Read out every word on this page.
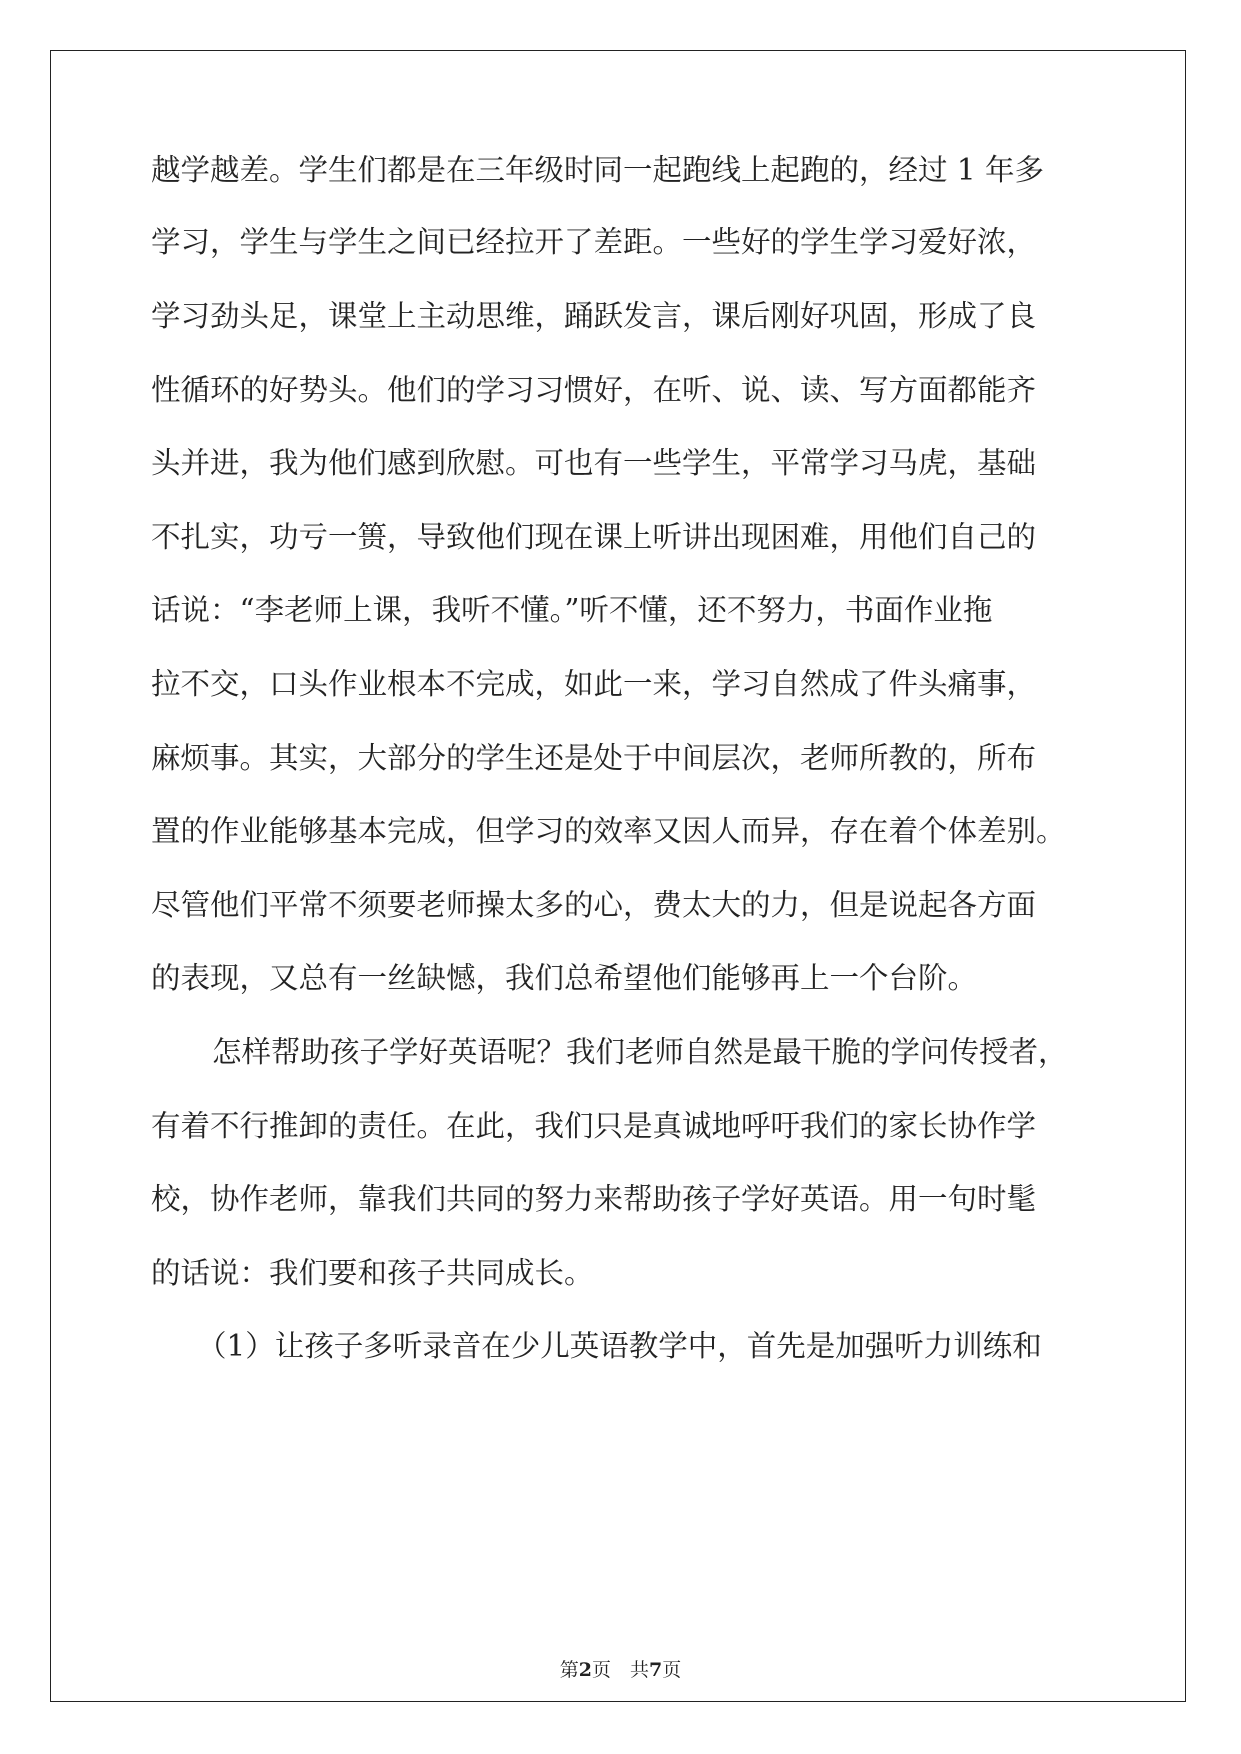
越学越差。学生们都是在三年级时同一起跑线上起跑的，经过 1 年多
学习，学生与学生之间已经拉开了差距。一些好的学生学习爱好浓，
学习劲头足，课堂上主动思维，踊跃发言，课后刚好巩固，形成了良
性循环的好势头。他们的学习习惯好，在听、说、读、写方面都能齐
头并进，我为他们感到欣慰。可也有一些学生，平常学习马虎，基础
不扎实，功亏一篑，导致他们现在课上听讲出现困难，用他们自己的
话说：“李老师上课，我听不懂。”听不懂，还不努力，书面作业拖
拉不交，口头作业根本不完成，如此一来，学习自然成了件头痛事，
麻烦事。其实，大部分的学生还是处于中间层次，老师所教的，所布
置的作业能够基本完成，但学习的效率又因人而异，存在着个体差别。
尽管他们平常不须要老师操太多的心，费太大的力，但是说起各方面
的表现，又总有一丝缺憾，我们总希望他们能够再上一个台阶。
怎样帮助孩子学好英语呢？我们老师自然是最干脆的学问传授者，
有着不行推卸的责任。在此，我们只是真诚地呼吁我们的家长协作学
校，协作老师，靠我们共同的努力来帮助孩子学好英语。用一句时髦
的话说：我们要和孩子共同成长。
（1）让孩子多听录音在少儿英语教学中，首先是加强听力训练和
第2页　共7页
